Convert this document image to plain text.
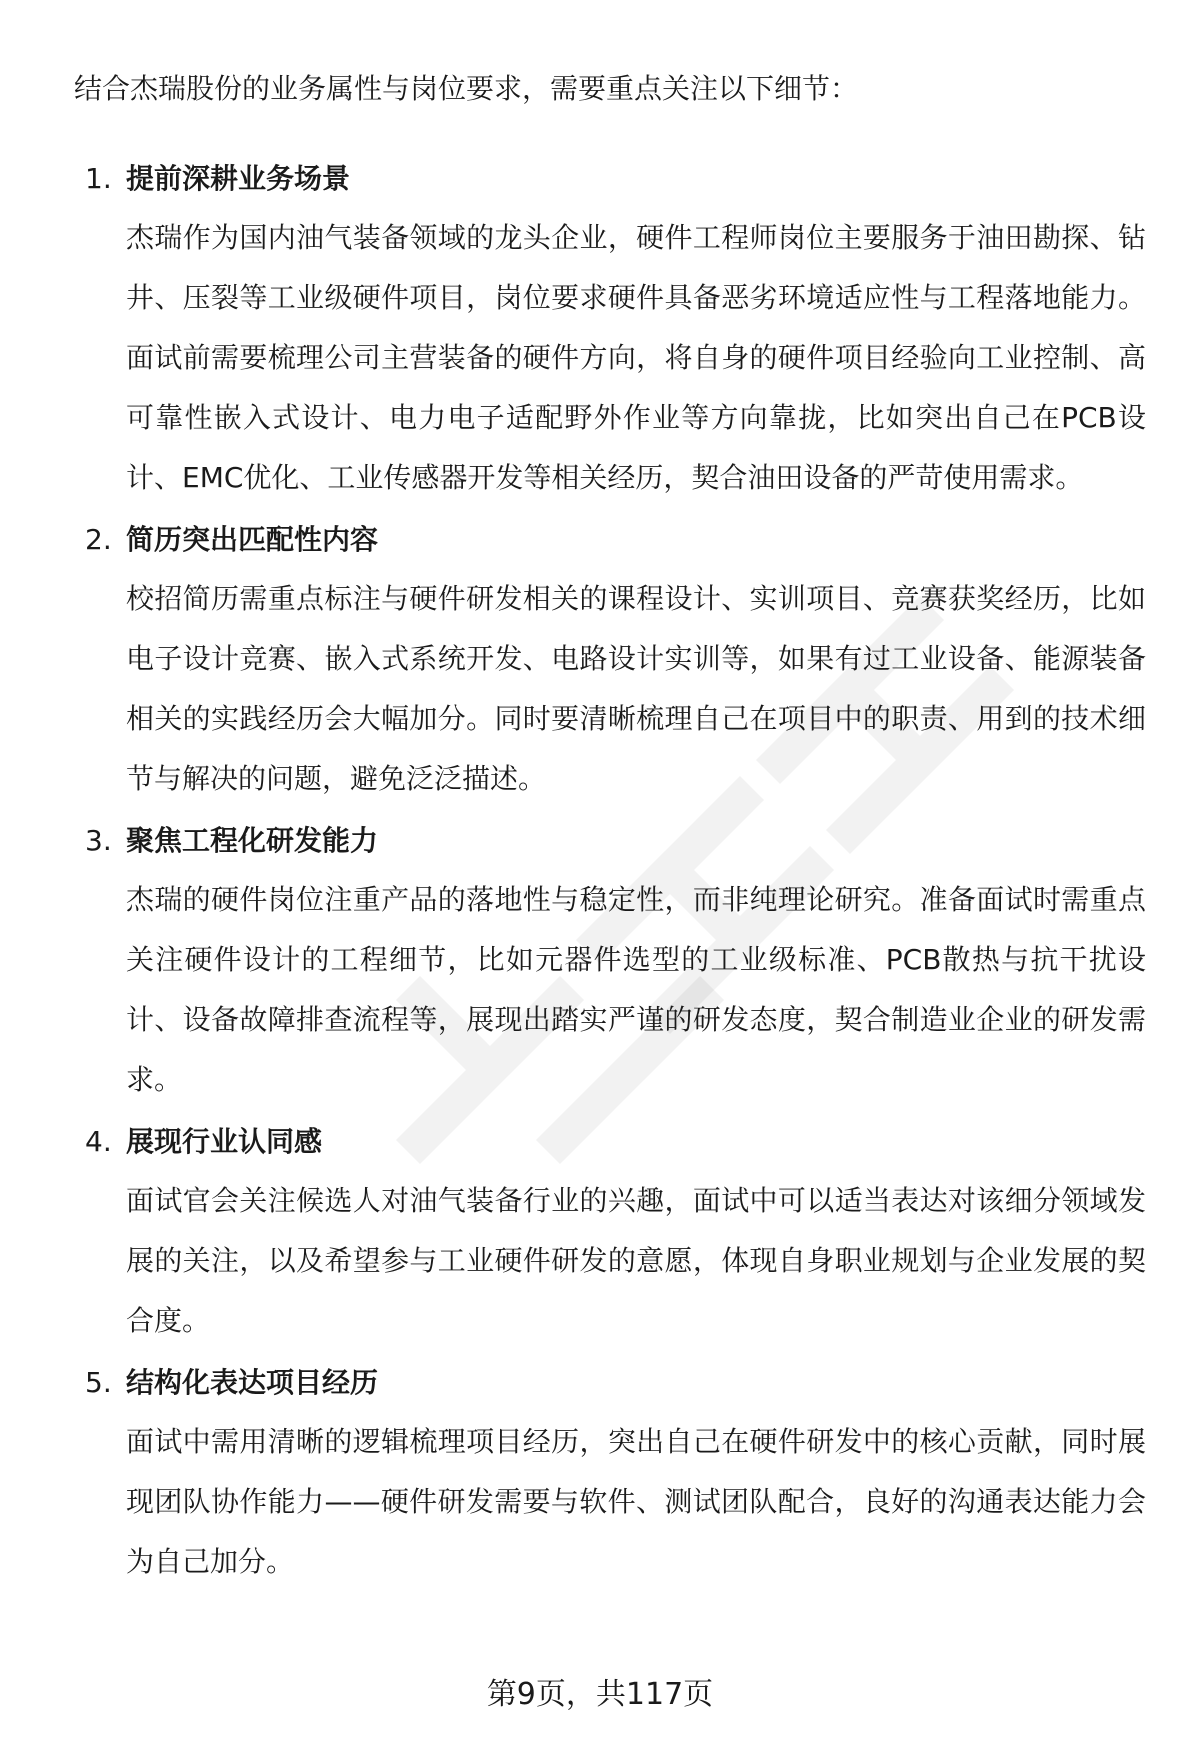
结合杰瑞股份的业务属性与岗位要求，需要重点关注以下细节：

1. 提前深耕业务场景

杰瑞作为国内油气装备领域的龙头企业，硬件工程师岗位主要服务于油田勘探、钻井、压裂等工业级硬件项目，岗位要求硬件具备恶劣环境适应性与工程落地能力。面试前需要梳理公司主营装备的硬件方向，将自身的硬件项目经验向工业控制、高可靠性嵌入式设计、电力电子适配野外作业等方向靠拢，比如突出自己在PCB设计、EMC优化、工业传感器开发等相关经历，契合油田设备的严苛使用需求。

2. 简历突出匹配性内容

校招简历需重点标注与硬件研发相关的课程设计、实训项目、竞赛获奖经历，比如电子设计竞赛、嵌入式系统开发、电路设计实训等，如果有过工业设备、能源装备相关的实践经历会大幅加分。同时要清晰梳理自己在项目中的职责、用到的技术细节与解决的问题，避免泛泛描述。

3. 聚焦工程化研发能力

杰瑞的硬件岗位注重产品的落地性与稳定性，而非纯理论研究。准备面试时需重点关注硬件设计的工程细节，比如元器件选型的工业级标准、PCB散热与抗干扰设计、设备故障排查流程等，展现出踏实严谨的研发态度，契合制造业企业的研发需求。

4. 展现行业认同感

面试官会关注候选人对油气装备行业的兴趣，面试中可以适当表达对该细分领域发展的关注，以及希望参与工业硬件研发的意愿，体现自身职业规划与企业发展的契合度。

5. 结构化表达项目经历

面试中需用清晰的逻辑梳理项目经历，突出自己在硬件研发中的核心贡献，同时展现团队协作能力——硬件研发需要与软件、测试团队配合，良好的沟通表达能力会为自己加分。

第9页，共117页
